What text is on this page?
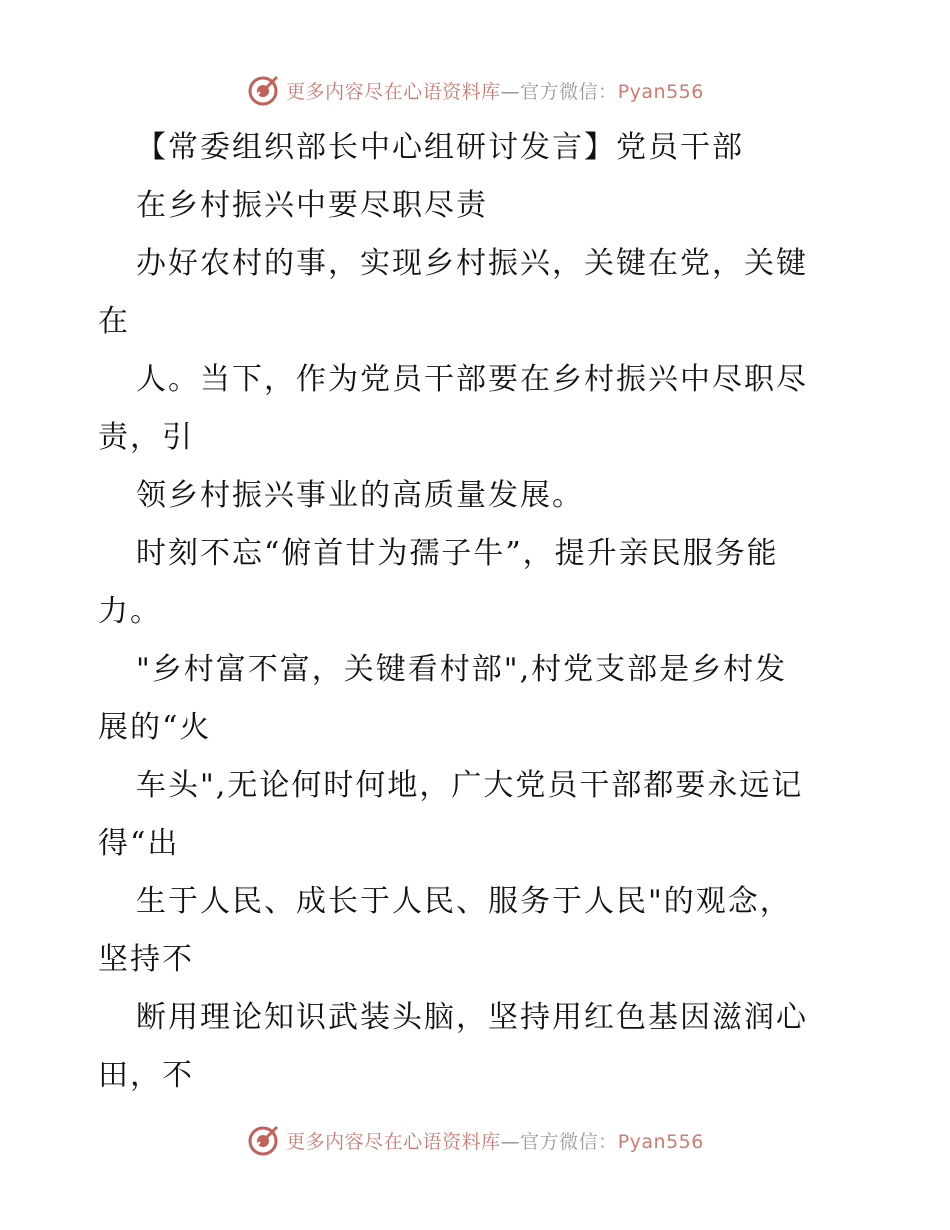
更多内容尽在心语资料库—官方微信：Pyan556
【常委组织部长中心组研讨发言】党员干部
在乡村振兴中要尽职尽责
办好农村的事，实现乡村振兴，关键在党，关键
在
人。当下，作为党员干部要在乡村振兴中尽职尽
责，引
领乡村振兴事业的高质量发展。
时刻不忘“俯首甘为孺子牛”，提升亲民服务能
力。
"乡村富不富，关键看村部",村党支部是乡村发
展的“火
车头",无论何时何地，广大党员干部都要永远记
得“出
生于人民、成长于人民、服务于人民"的观念，
坚持不
断用理论知识武装头脑，坚持用红色基因滋润心
田，不
更多内容尽在心语资料库—官方微信：Pyan556
